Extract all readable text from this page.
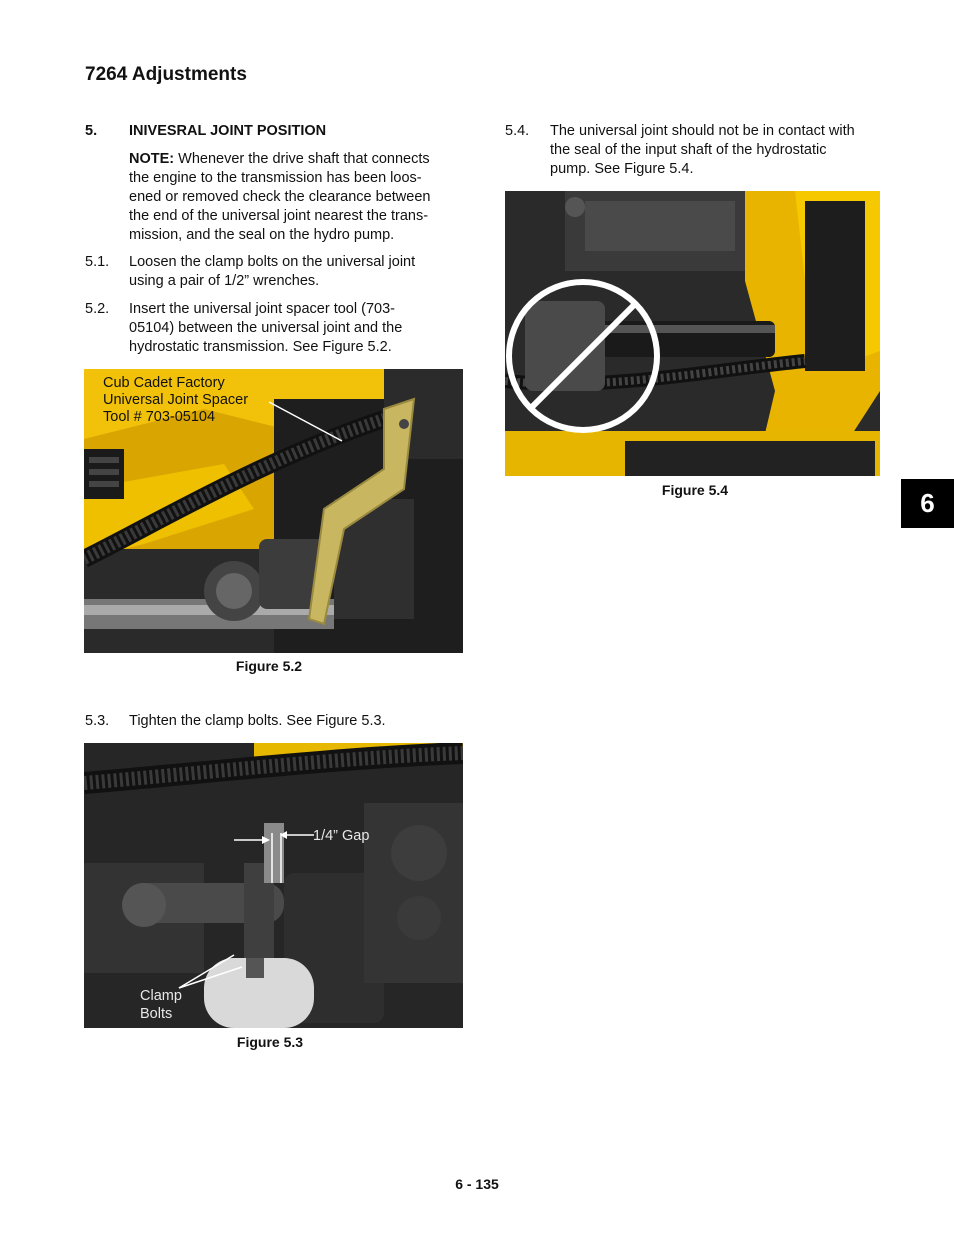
7264 Adjustments
5. INIVESRAL JOINT POSITION
NOTE: Whenever the drive shaft that connects
the engine to the transmission has been loos-
ened or removed check the clearance between
the end of the universal joint nearest the trans-
mission, and the seal on the hydro pump.
5.1. Loosen the clamp bolts on the universal joint
using a pair of 1/2” wrenches.
5.2. Insert the universal joint spacer tool (703-
05104) between the universal joint and the
hydrostatic transmission. See Figure 5.2.
Cub Cadet Factory
Universal Joint Spacer
Tool # 703-05104
Figure 5.2
5.3. Tighten the clamp bolts. See Figure 5.3.
1/4” Gap
Clamp
Bolts
Figure 5.3
5.4. The universal joint should not be in contact with
the seal of the input shaft of the hydrostatic
pump. See Figure 5.4.
Figure 5.4	6
6 - 135
